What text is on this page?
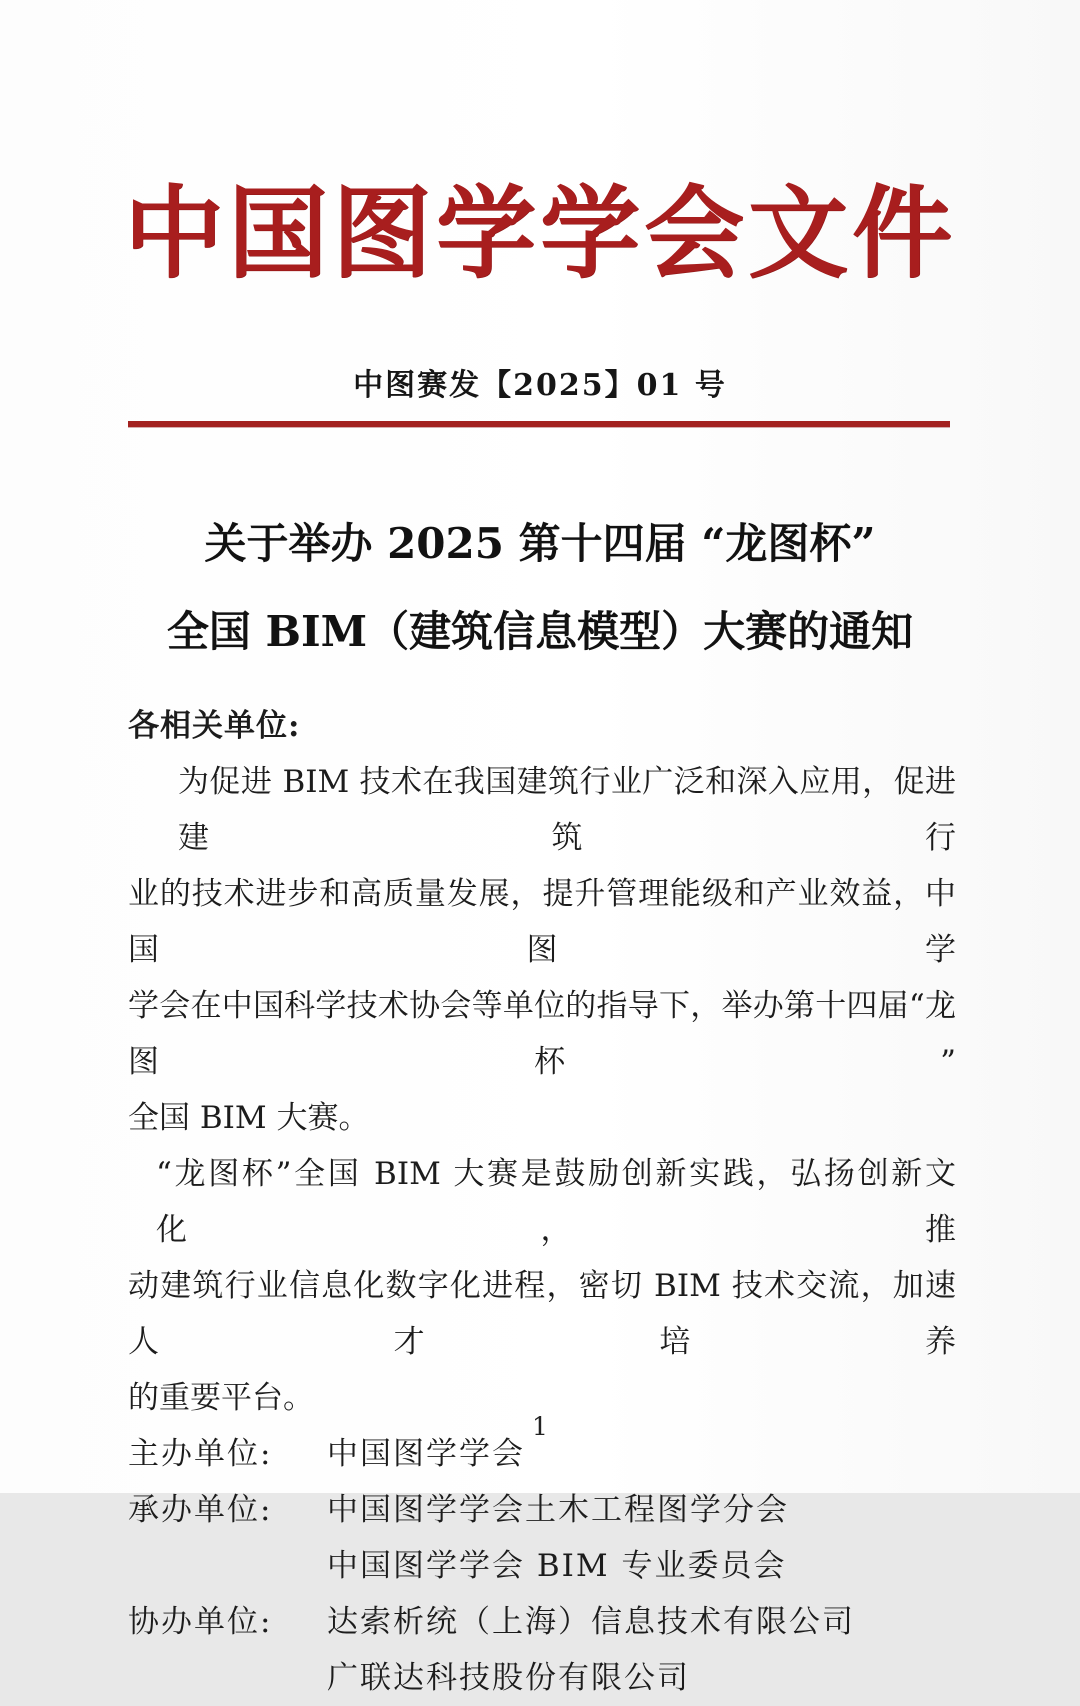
中国图学学会文件
中图赛发【2025】01 号
关于举办 2025 第十四届 “龙图杯”
全国 BIM（建筑信息模型）大赛的通知
各相关单位:
为促进 BIM 技术在我国建筑行业广泛和深入应用，促进建筑行
业的技术进步和高质量发展，提升管理能级和产业效益，中国图学
学会在中国科学技术协会等单位的指导下，举办第十四届“龙图杯”
全国 BIM 大赛。
“龙图杯”全国 BIM 大赛是鼓励创新实践，弘扬创新文化，推
动建筑行业信息化数字化进程，密切 BIM 技术交流，加速人才培养
的重要平台。
主办单位:	中国图学学会
承办单位:	中国图学学会土木工程图学分会
中国图学学会 BIM 专业委员会
协办单位:	达索析统（上海）信息技术有限公司
广联达科技股份有限公司
1
